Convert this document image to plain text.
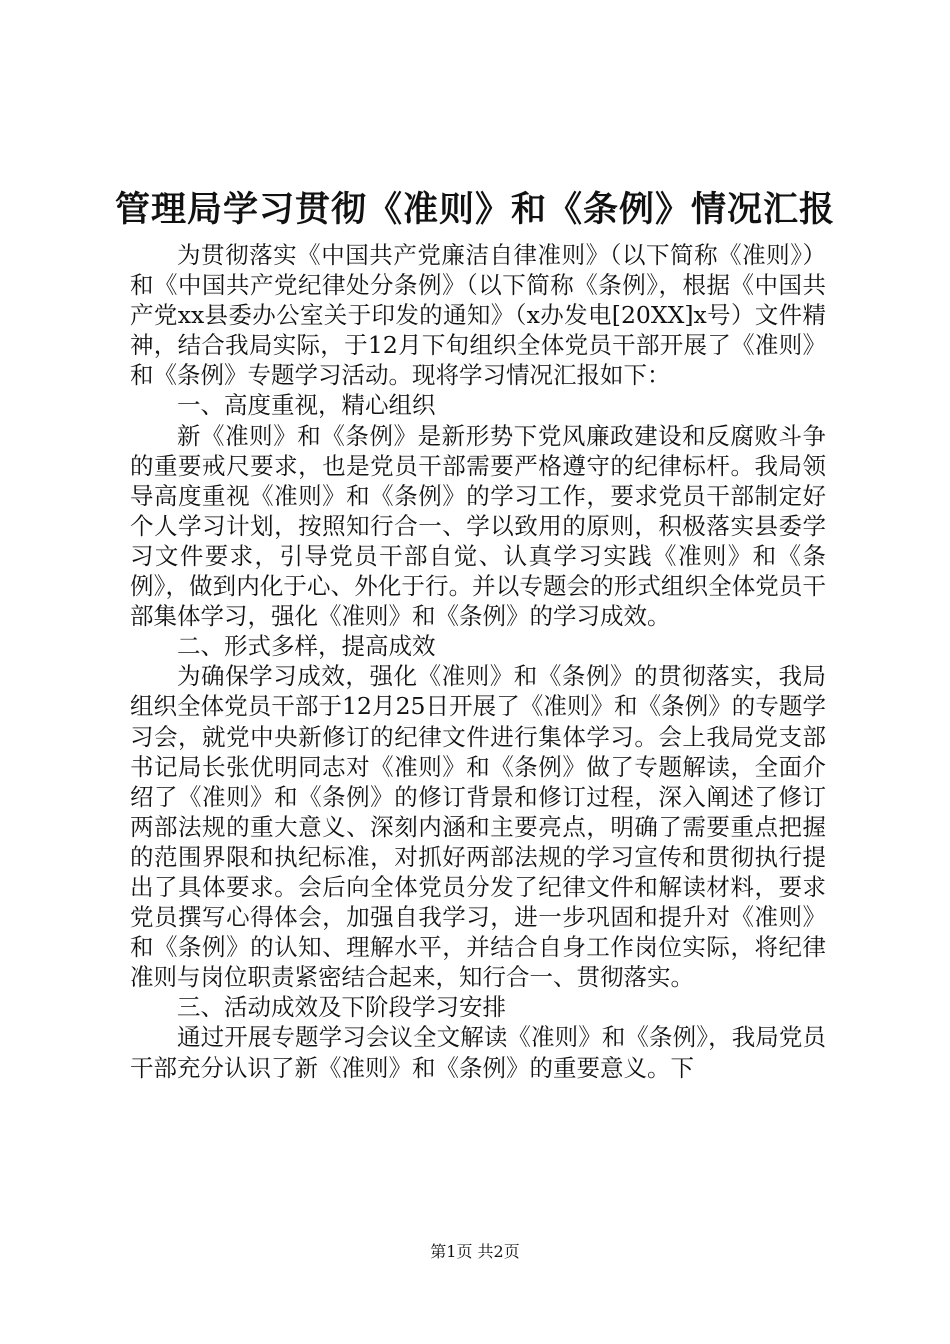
管理局学习贯彻《准则》和《条例》情况汇报

为贯彻落实《中国共产党廉洁自律准则》（以下简称《准则》）和《中国共产党纪律处分条例》（以下简称《条例》，根据《中国共产党xx县委办公室关于印发的通知》（x办发电[20XX]x号）文件精神，结合我局实际，于12月下旬组织全体党员干部开展了《准则》和《条例》专题学习活动。现将学习情况汇报如下：

一、高度重视，精心组织

新《准则》和《条例》是新形势下党风廉政建设和反腐败斗争的重要戒尺要求，也是党员干部需要严格遵守的纪律标杆。我局领导高度重视《准则》和《条例》的学习工作，要求党员干部制定好个人学习计划，按照知行合一、学以致用的原则，积极落实县委学习文件要求，引导党员干部自觉、认真学习实践《准则》和《条例》，做到内化于心、外化于行。并以专题会的形式组织全体党员干部集体学习，强化《准则》和《条例》的学习成效。

二、形式多样，提高成效

为确保学习成效，强化《准则》和《条例》的贯彻落实，我局组织全体党员干部于12月25日开展了《准则》和《条例》的专题学习会，就党中央新修订的纪律文件进行集体学习。会上我局党支部书记局长张优明同志对《准则》和《条例》做了专题解读，全面介绍了《准则》和《条例》的修订背景和修订过程，深入阐述了修订两部法规的重大意义、深刻内涵和主要亮点，明确了需要重点把握的范围界限和执纪标准，对抓好两部法规的学习宣传和贯彻执行提出了具体要求。会后向全体党员分发了纪律文件和解读材料，要求党员撰写心得体会，加强自我学习，进一步巩固和提升对《准则》和《条例》的认知、理解水平，并结合自身工作岗位实际，将纪律准则与岗位职责紧密结合起来，知行合一、贯彻落实。

三、活动成效及下阶段学习安排

通过开展专题学习会议全文解读《准则》和《条例》，我局党员干部充分认识了新《准则》和《条例》的重要意义。下

第1页 共2页
